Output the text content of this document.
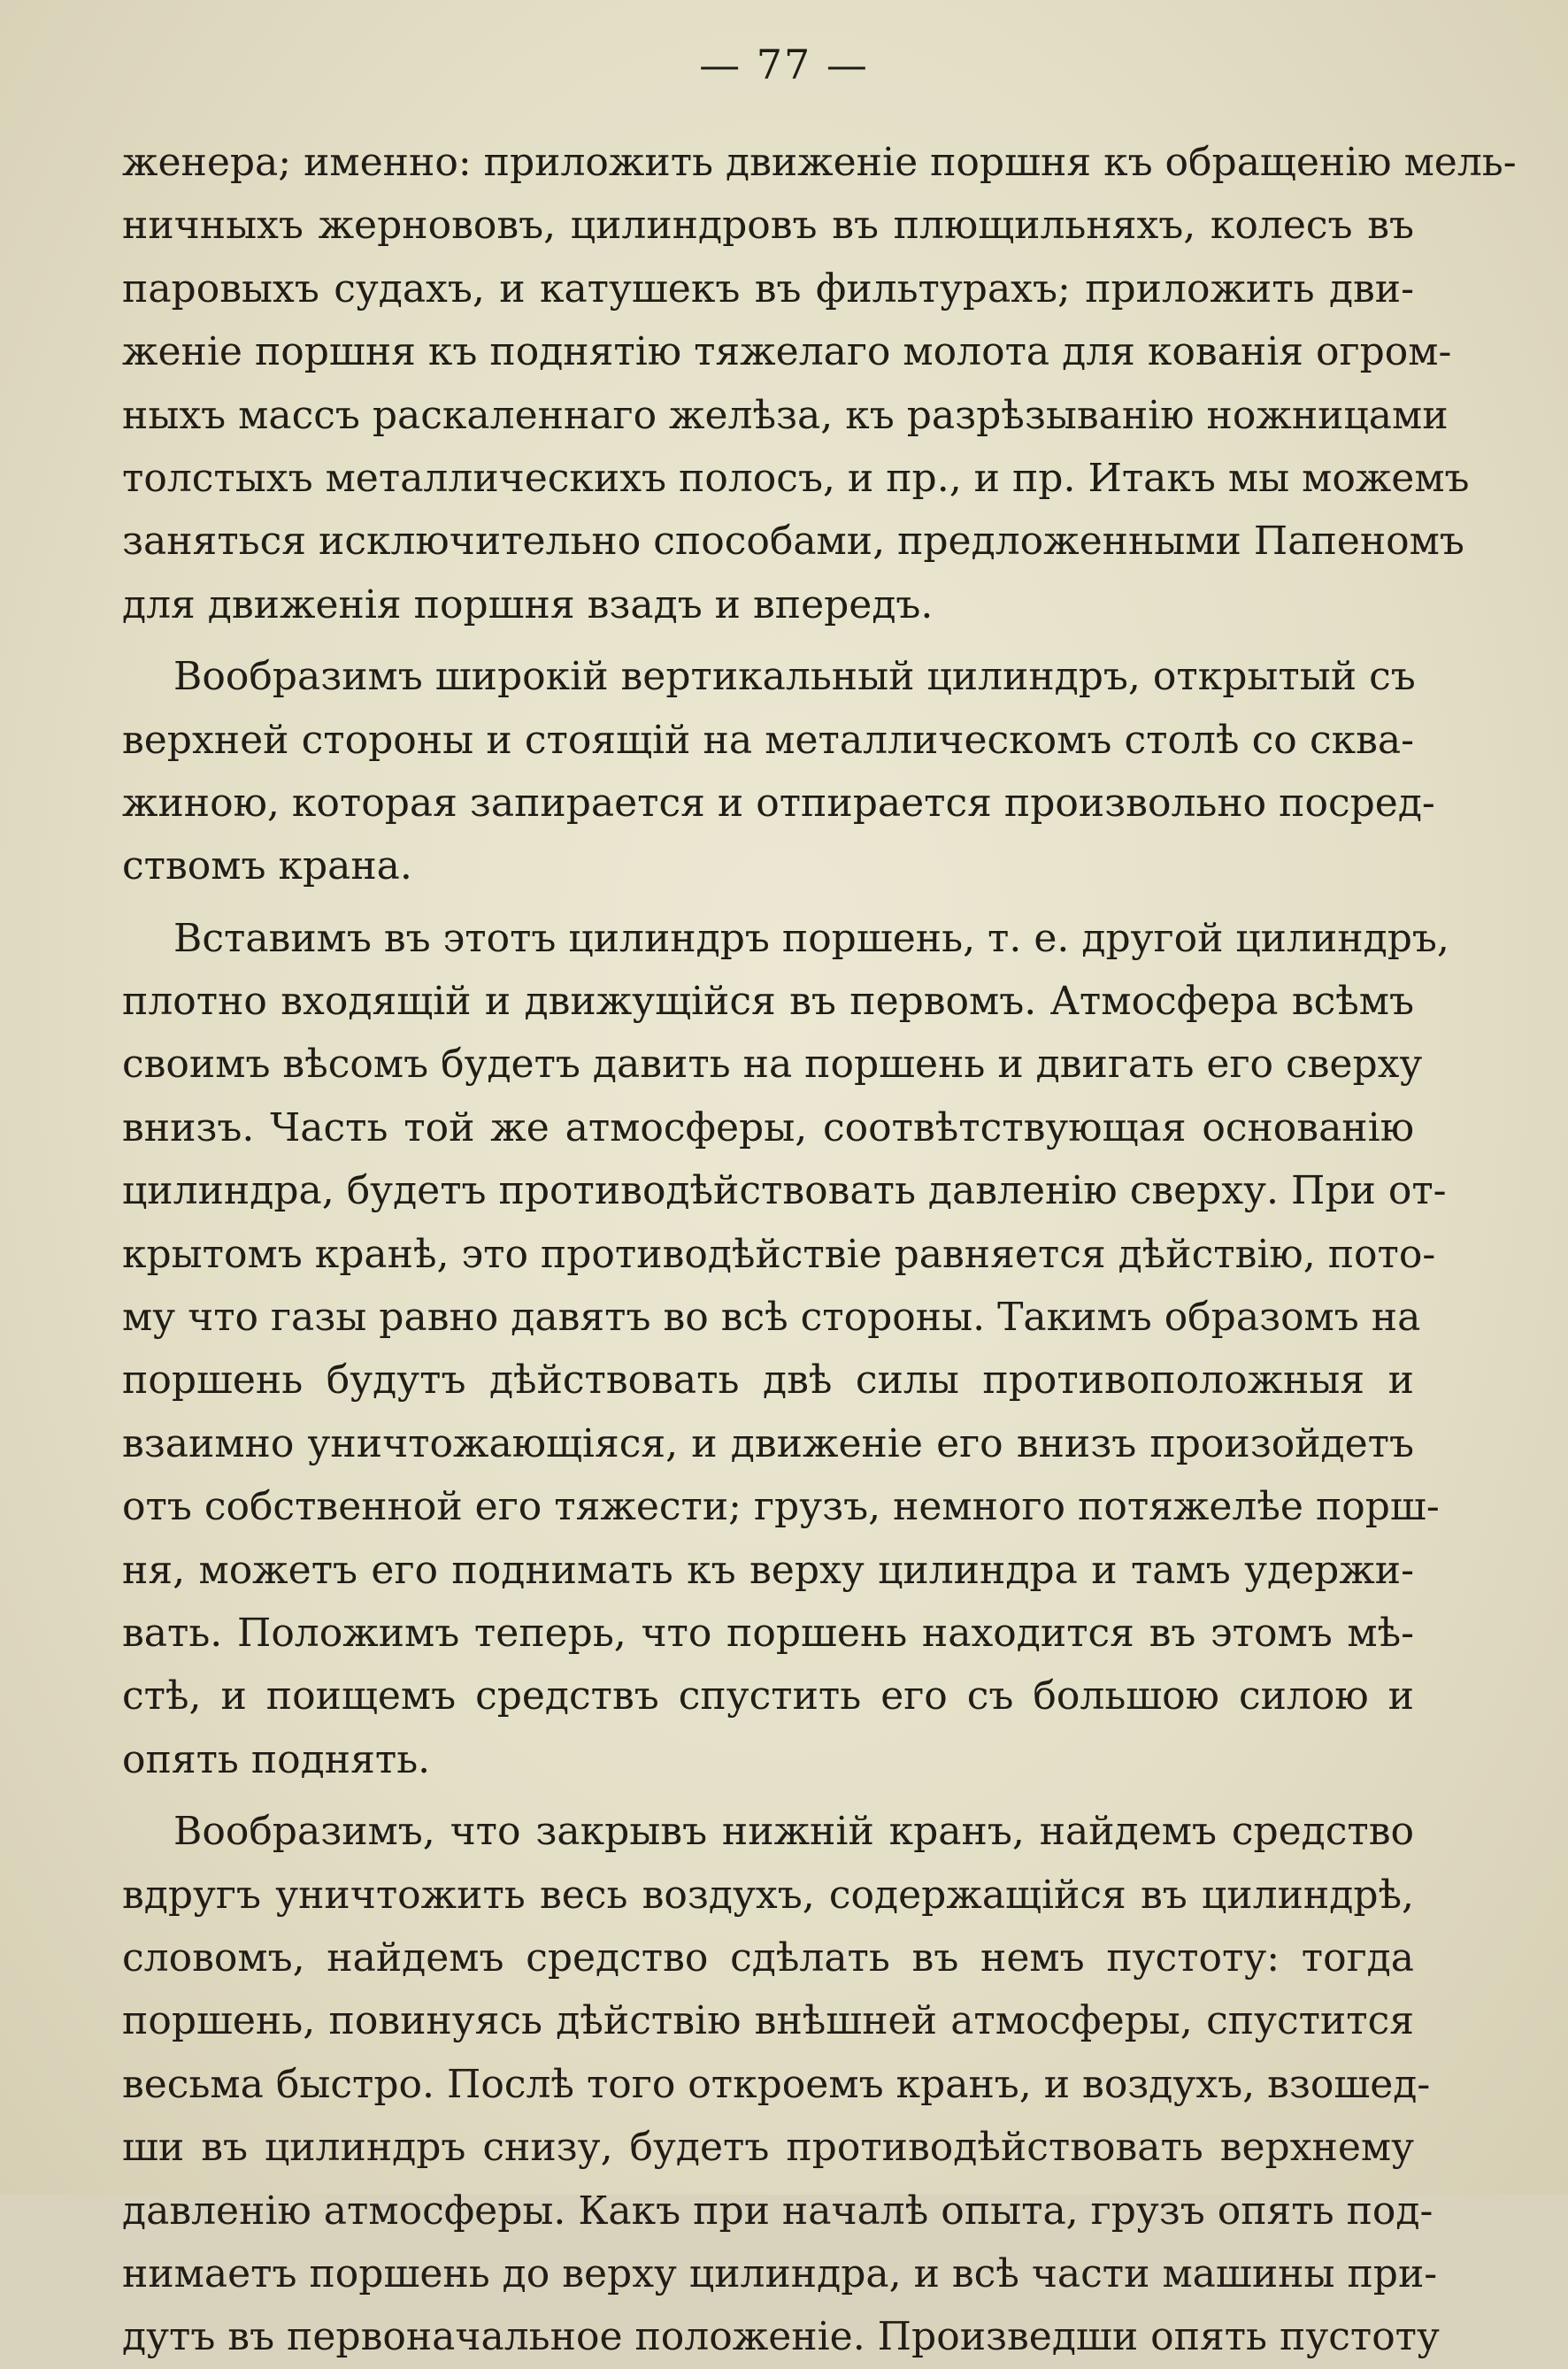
— 77 —
женера; именно: приложить движеніе поршня къ обращенію мель-
ничныхъ жернововъ, цилиндровъ въ плющильняхъ, колесъ въ
паровыхъ судахъ, и катушекъ въ фильтурахъ; приложить дви-
женіе поршня къ поднятію тяжелаго молота для кованія огром-
ныхъ массъ раскаленнаго желѣза, къ разрѣзыванію ножницами
толстыхъ металлическихъ полосъ, и пр., и пр. Итакъ мы можемъ
заняться исключительно способами, предложенными Папеномъ
для движенія поршня взадъ и впередъ.
Вообразимъ широкій вертикальный цилиндръ, открытый съ
верхней стороны и стоящій на металлическомъ столѣ со сква-
жиною, которая запирается и отпирается произвольно посред-
ствомъ крана.
Вставимъ въ этотъ цилиндръ поршень, т. е. другой цилиндръ,
плотно входящій и движущійся въ первомъ. Атмосфера всѣмъ
своимъ вѣсомъ будетъ давить на поршень и двигать его сверху
внизъ. Часть той же атмосферы, соотвѣтствующая основанію
цилиндра, будетъ противодѣйствовать давленію сверху. При от-
крытомъ кранѣ, это противодѣйствіе равняется дѣйствію, пото-
му что газы равно давятъ во всѣ стороны. Такимъ образомъ на
поршень будутъ дѣйствовать двѣ силы противоположныя и
взаимно уничтожающіяся, и движеніе его внизъ произойдетъ
отъ собственной его тяжести; грузъ, немного потяжелѣе порш-
ня, можетъ его поднимать къ верху цилиндра и тамъ удержи-
вать. Положимъ теперь, что поршень находится въ этомъ мѣ-
стѣ, и поищемъ средствъ спустить его съ большою силою и
опять поднять.
Вообразимъ, что закрывъ нижній кранъ, найдемъ средство
вдругъ уничтожить весь воздухъ, содержащійся въ цилиндрѣ,
словомъ, найдемъ средство сдѣлать въ немъ пустоту: тогда
поршень, повинуясь дѣйствію внѣшней атмосферы, спустится
весьма быстро. Послѣ того откроемъ кранъ, и воздухъ, взошед-
ши въ цилиндръ снизу, будетъ противодѣйствовать верхнему
давленію атмосферы. Какъ при началѣ опыта, грузъ опять под-
нимаетъ поршень до верху цилиндра, и всѣ части машины при-
дутъ въ первоначальное положеніе. Произведши опять пустоту
